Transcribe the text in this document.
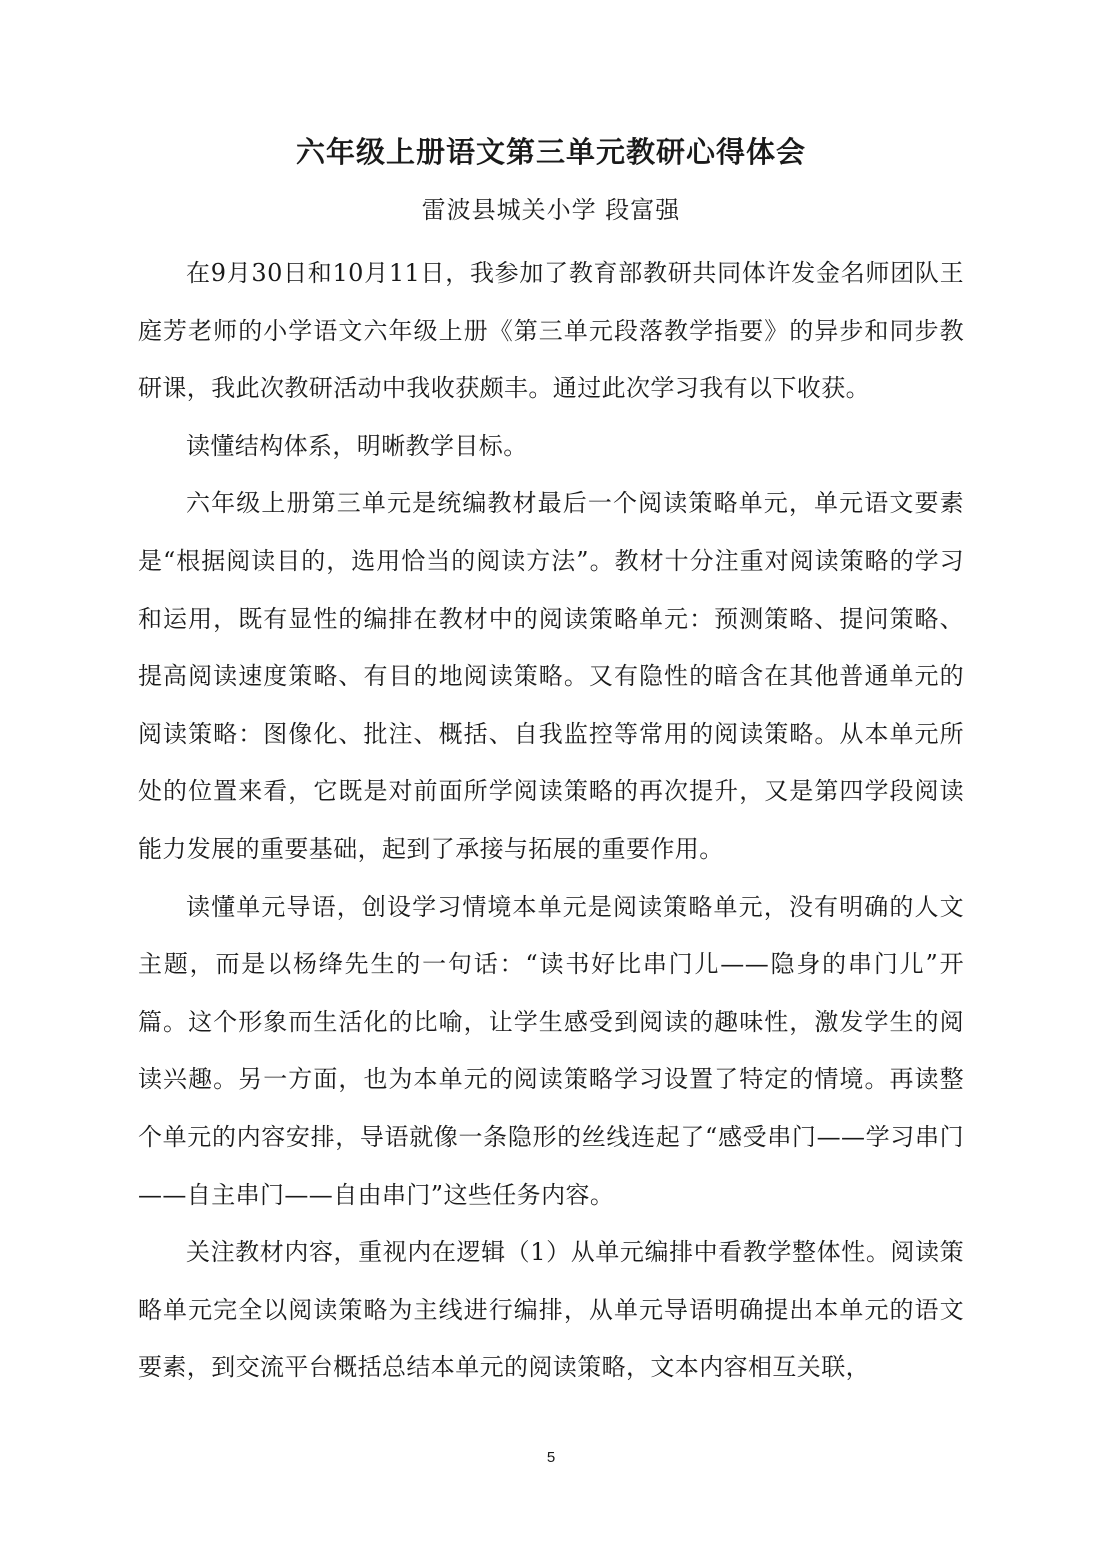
六年级上册语文第三单元教研心得体会
雷波县城关小学 段富强

在9月30日和10月11日，我参加了教育部教研共同体许发金名师团队王庭芳老师的小学语文六年级上册《第三单元段落教学指要》的异步和同步教研课，我此次教研活动中我收获颇丰。通过此次学习我有以下收获。

读懂结构体系，明晰教学目标。

六年级上册第三单元是统编教材最后一个阅读策略单元，单元语文要素是“根据阅读目的，选用恰当的阅读方法”。教材十分注重对阅读策略的学习和运用，既有显性的编排在教材中的阅读策略单元：预测策略、提问策略、提高阅读速度策略、有目的地阅读策略。又有隐性的暗含在其他普通单元的阅读策略：图像化、批注、概括、自我监控等常用的阅读策略。从本单元所处的位置来看，它既是对前面所学阅读策略的再次提升，又是第四学段阅读能力发展的重要基础，起到了承接与拓展的重要作用。

读懂单元导语，创设学习情境本单元是阅读策略单元，没有明确的人文主题，而是以杨绛先生的一句话：“读书好比串门儿——隐身的串门儿”开篇。这个形象而生活化的比喻，让学生感受到阅读的趣味性，激发学生的阅读兴趣。另一方面，也为本单元的阅读策略学习设置了特定的情境。再读整个单元的内容安排，导语就像一条隐形的丝线连起了“感受串门——学习串门——自主串门——自由串门”这些任务内容。

关注教材内容，重视内在逻辑（1）从单元编排中看教学整体性。阅读策略单元完全以阅读策略为主线进行编排，从单元导语明确提出本单元的语文要素，到交流平台概括总结本单元的阅读策略，文本内容相互关联，

5
